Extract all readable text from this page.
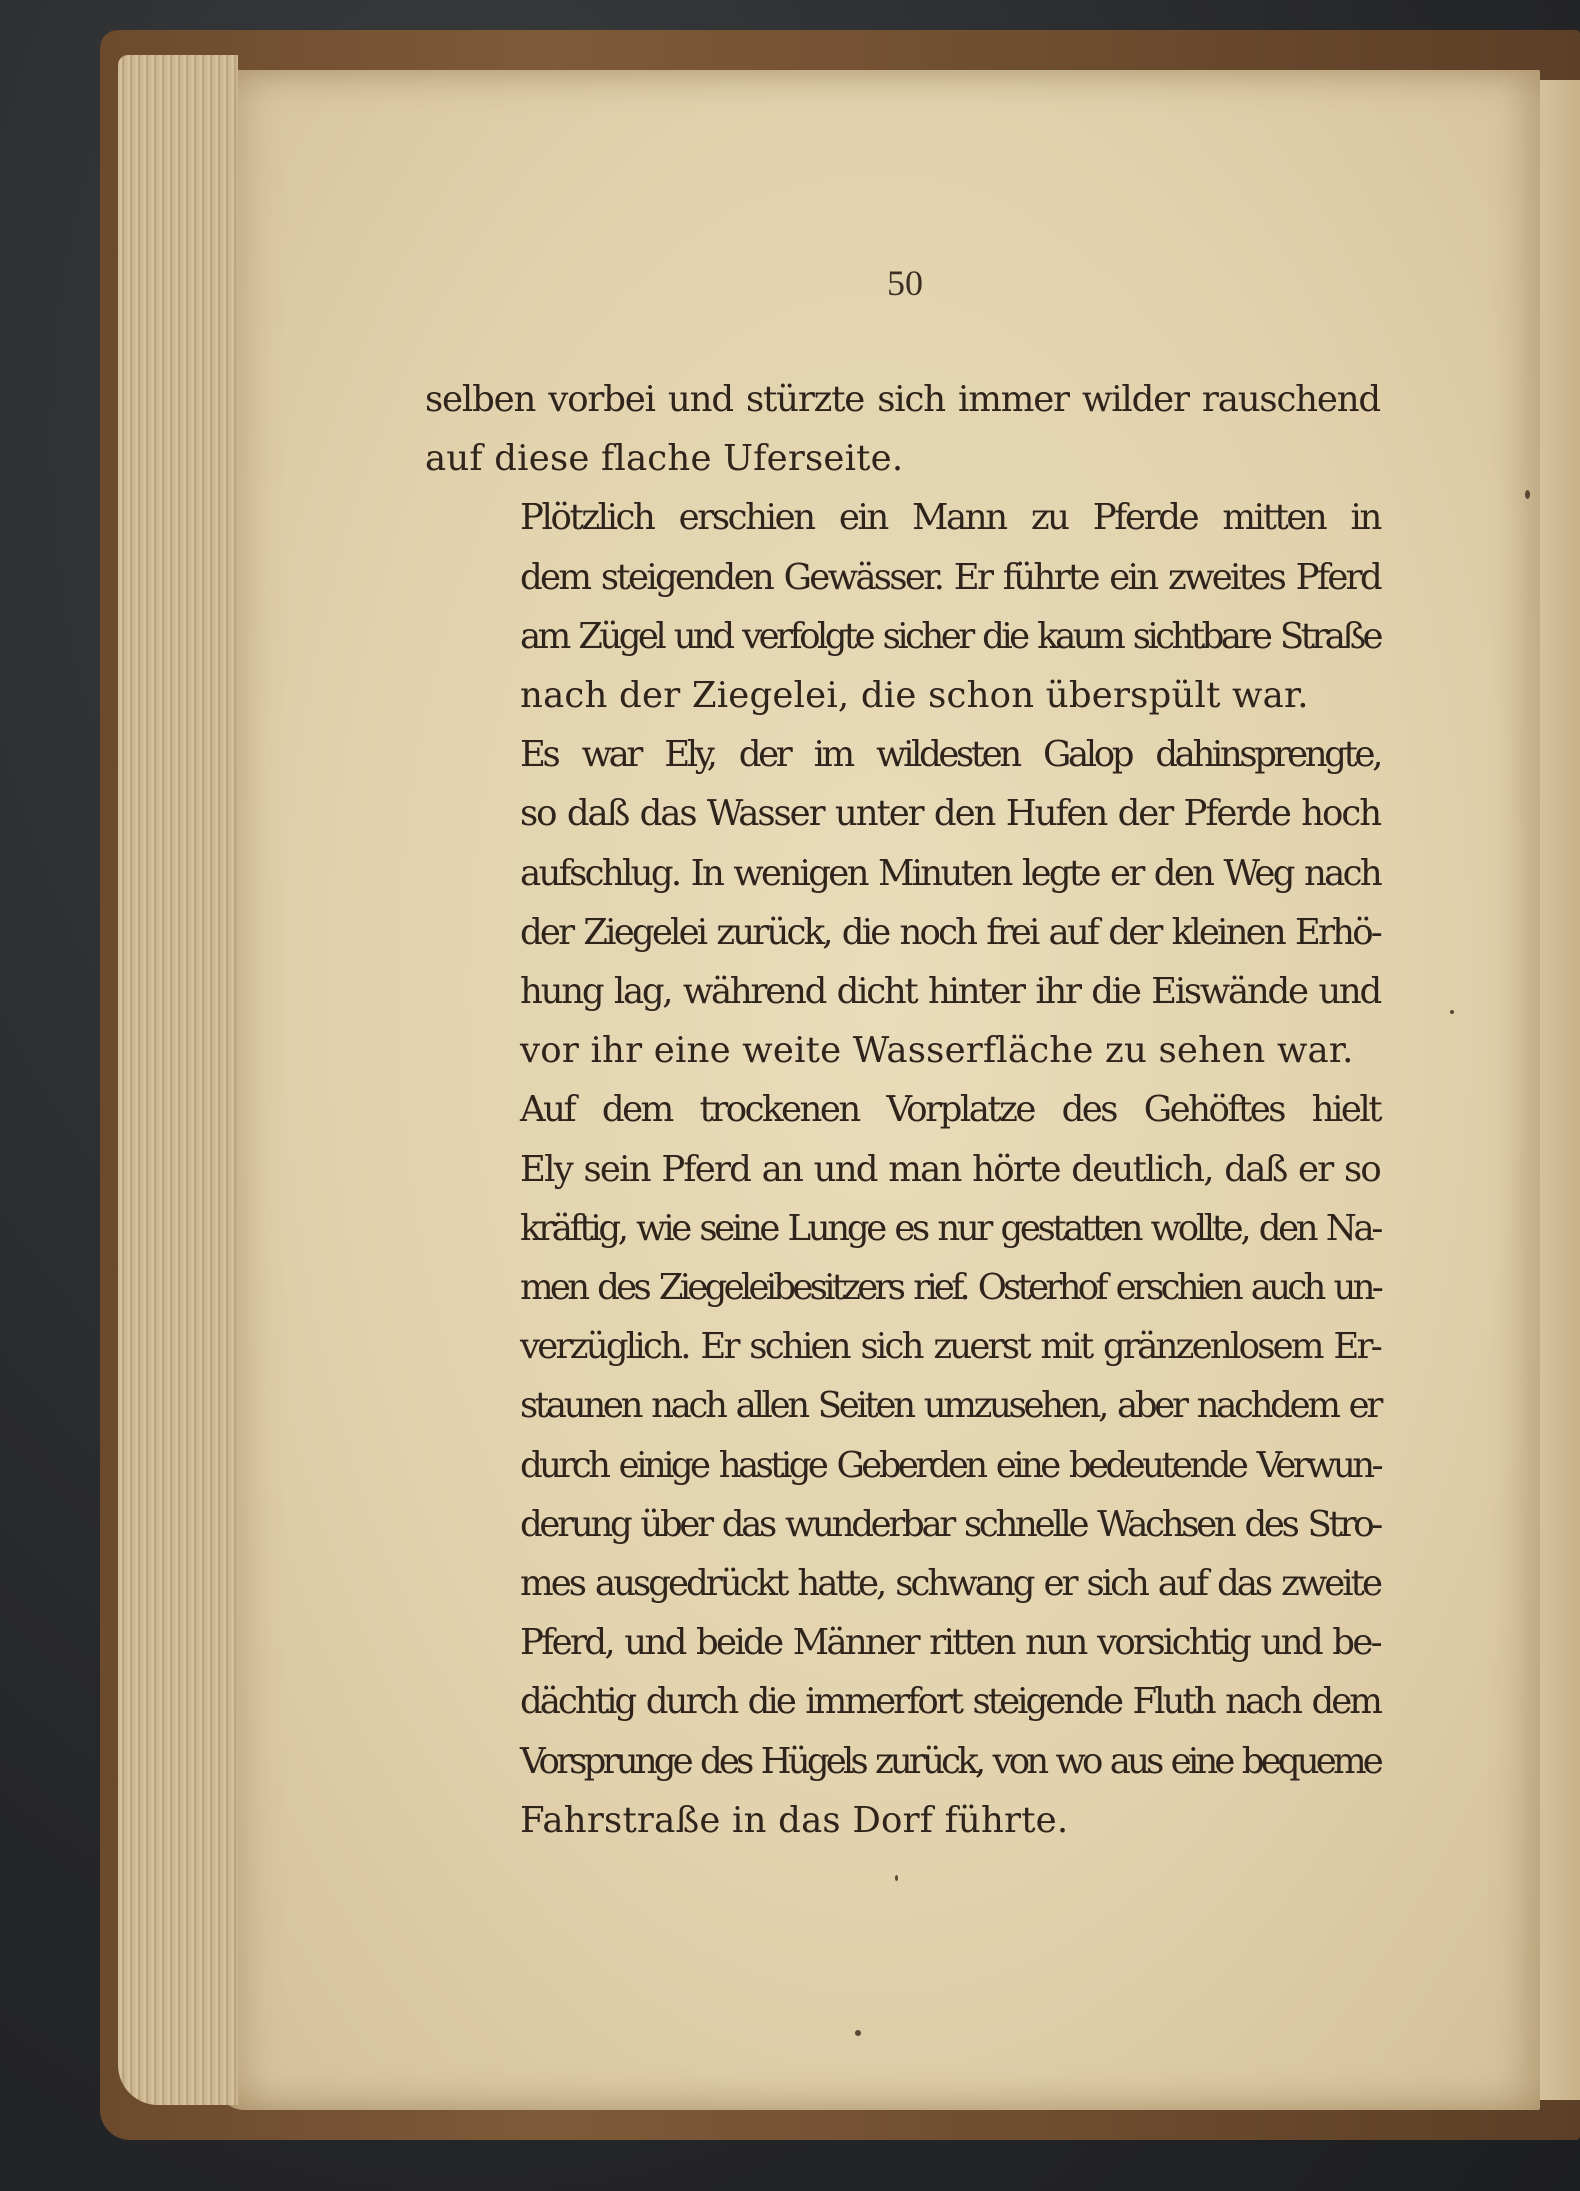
50

selben vorbei und stürzte sich immer wilder rauschend
auf diese flache Uferseite.

Plötzlich erschien ein Mann zu Pferde mitten in
dem steigenden Gewässer. Er führte ein zweites Pferd
am Zügel und verfolgte sicher die kaum sichtbare Straße
nach der Ziegelei, die schon überspült war.

Es war Ely, der im wildesten Galop dahinsprengte,
so daß das Wasser unter den Hufen der Pferde hoch
aufschlug. In wenigen Minuten legte er den Weg nach
der Ziegelei zurück, die noch frei auf der kleinen Erhö-
hung lag, während dicht hinter ihr die Eiswände und
vor ihr eine weite Wasserfläche zu sehen war.

Auf dem trockenen Vorplatze des Gehöftes hielt
Ely sein Pferd an und man hörte deutlich, daß er so
kräftig, wie seine Lunge es nur gestatten wollte, den Na-
men des Ziegeleibesitzers rief. Osterhof erschien auch un-
verzüglich. Er schien sich zuerst mit gränzenlosem Er-
staunen nach allen Seiten umzusehen, aber nachdem er
durch einige hastige Geberden eine bedeutende Verwun-
derung über das wunderbar schnelle Wachsen des Stro-
mes ausgedrückt hatte, schwang er sich auf das zweite
Pferd, und beide Männer ritten nun vorsichtig und be-
dächtig durch die immerfort steigende Fluth nach dem
Vorsprunge des Hügels zurück, von wo aus eine bequeme
Fahrstraße in das Dorf führte.
